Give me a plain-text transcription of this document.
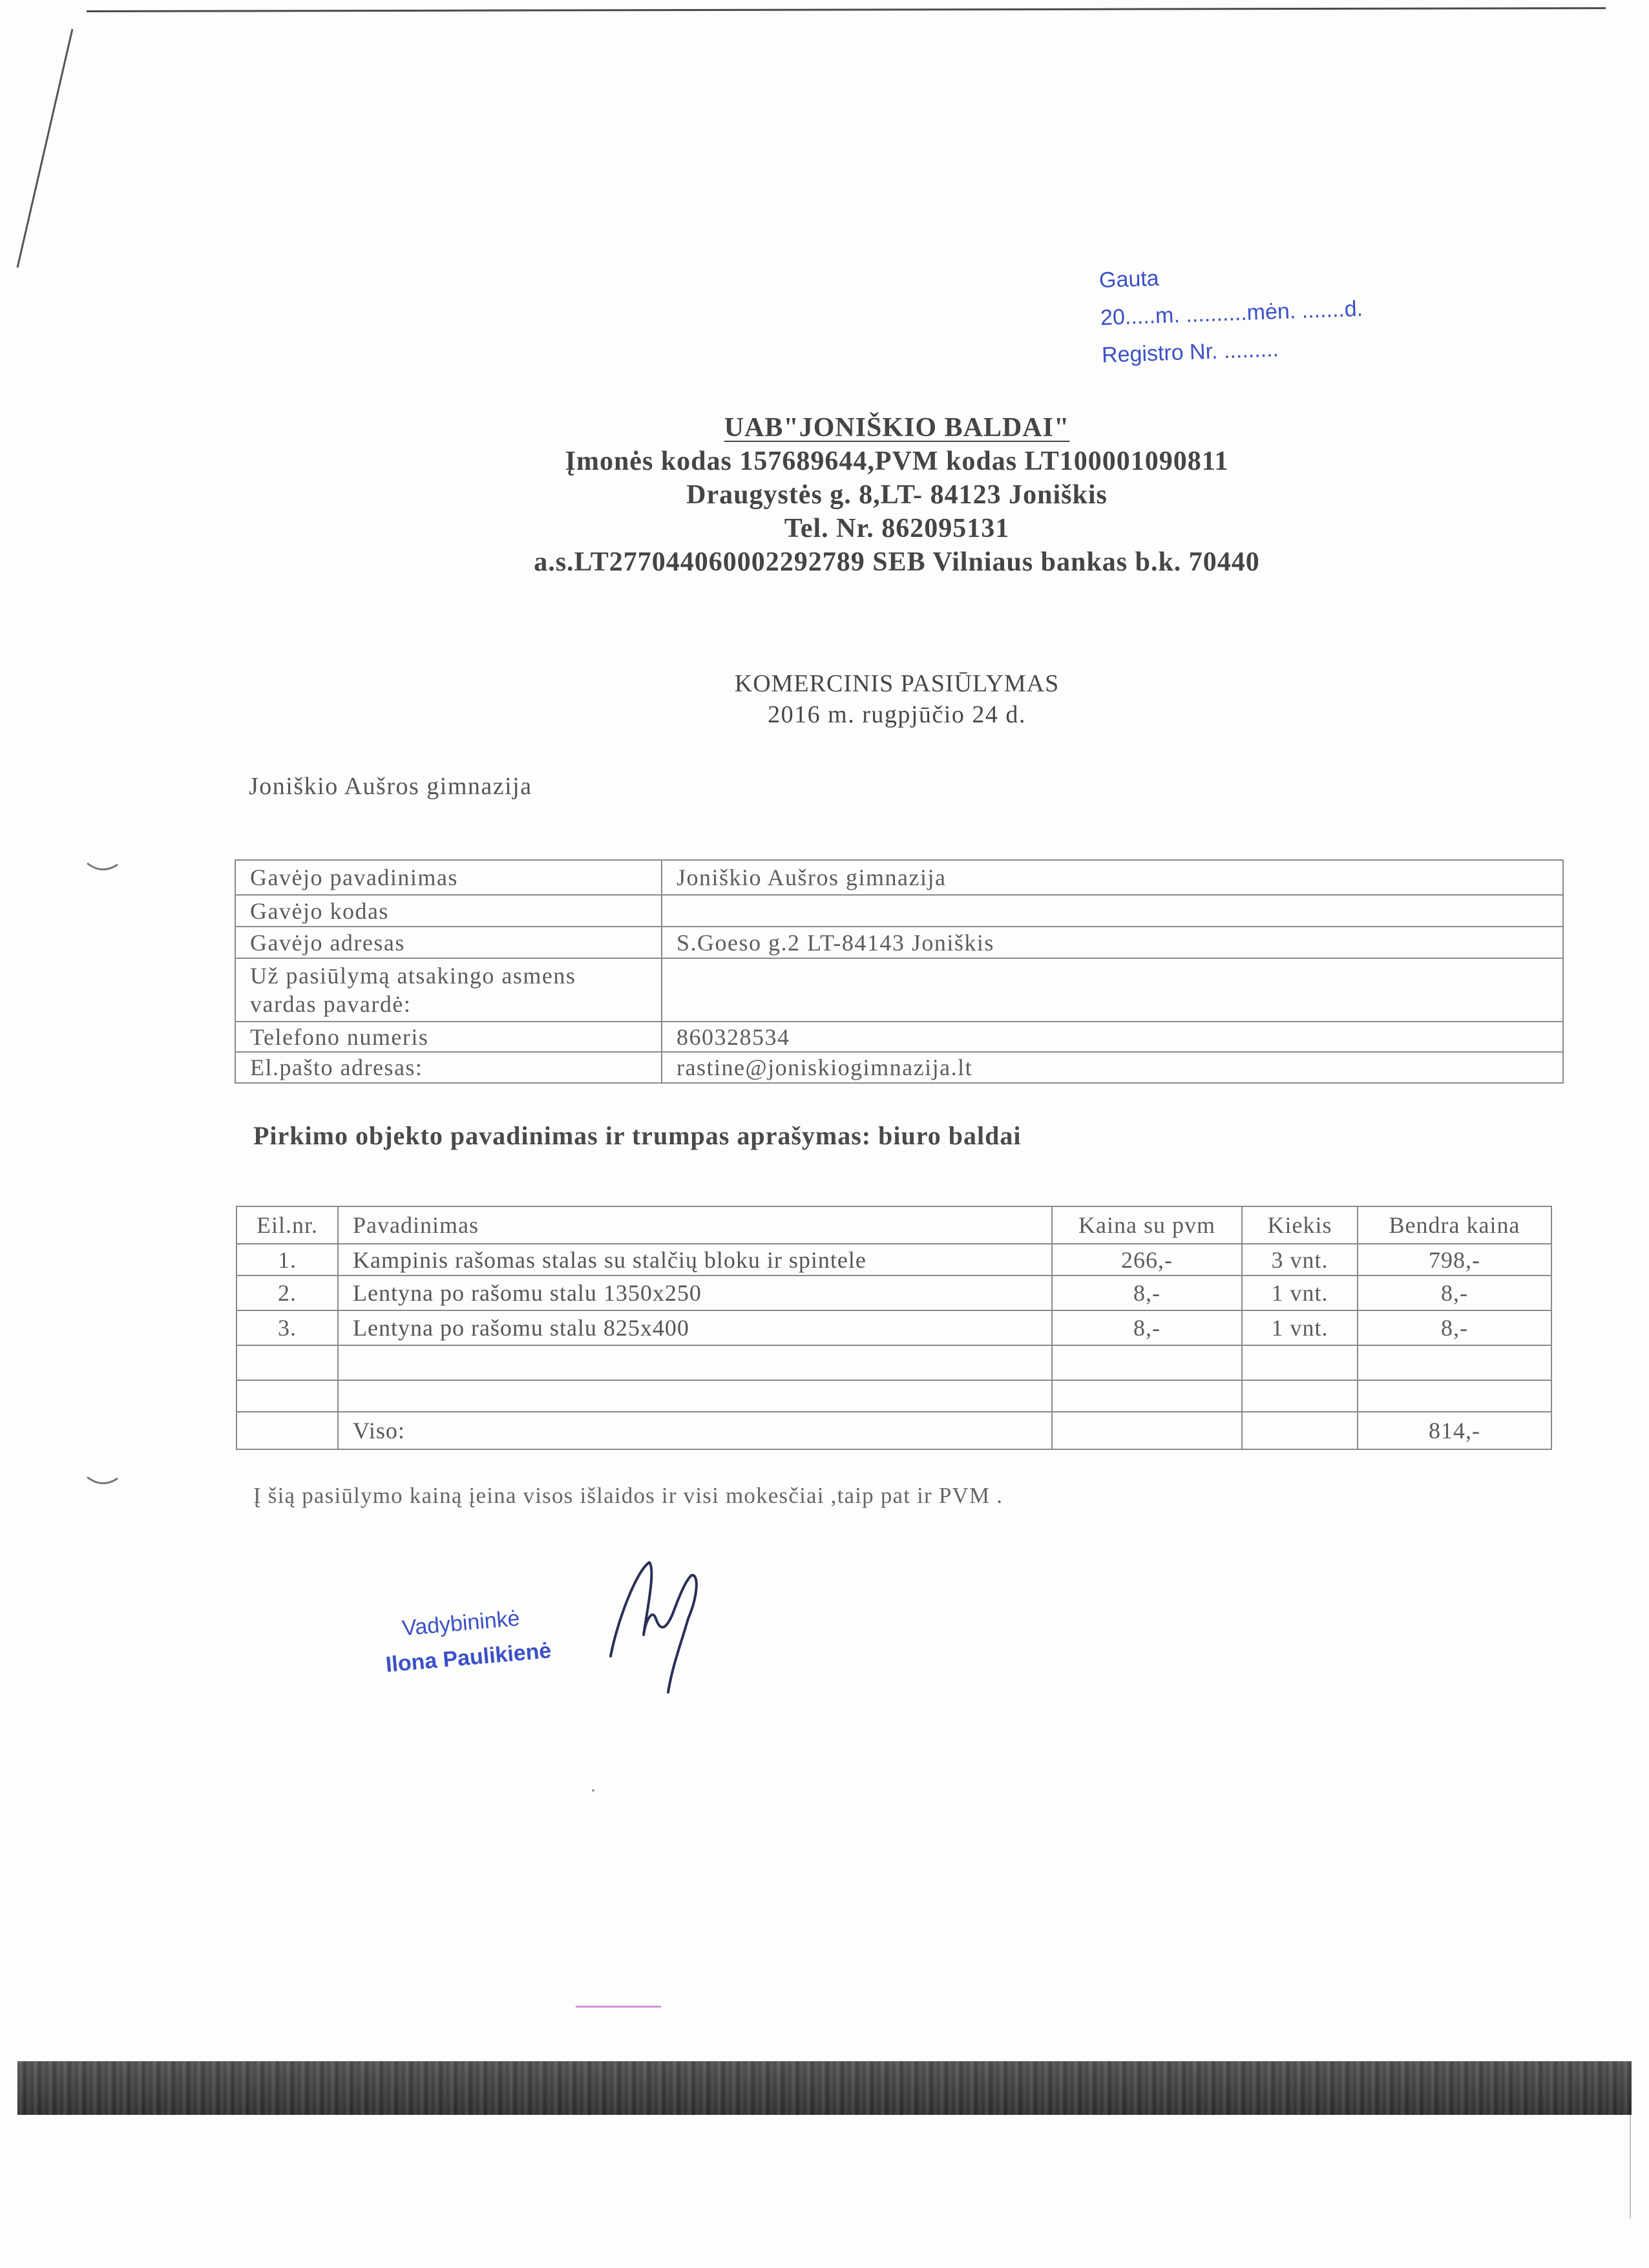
Gauta
20.....m. ..........mėn. .......d.
Registro Nr. .........
UAB"JONIŠKIO BALDAI"
Įmonės kodas 157689644,PVM kodas LT100001090811
Draugystės g. 8,LT- 84123 Joniškis
Tel. Nr. 862095131
a.s.LT277044060002292789 SEB Vilniaus bankas b.k. 70440
KOMERCINIS PASIŪLYMAS
2016 m. rugpjūčio 24 d.
Joniškio Aušros gimnazija
Gavėjo pavadinimas	Joniškio Aušros gimnazija
Gavėjo kodas	
Gavėjo adresas	S.Goeso g.2 LT-84143 Joniškis

Už pasiūlymą atsakingo asmens vardas pavardė:	

Telefono numeris	860328534
El.pašto adresas:	rastine@joniskiogimnazija.lt
Pirkimo objekto pavadinimas ir trumpas aprašymas: biuro baldai
Eil.nr.	Pavadinimas	Kaina su pvm	Kiekis	Bendra kaina
1.	Kampinis rašomas stalas su stalčių bloku ir spintele	266,-	3 vnt.	798,-
2.	Lentyna po rašomu stalu 1350x250	8,-	1 vnt.	8,-
3.	Lentyna po rašomu stalu 825x400	8,-	1 vnt.	8,-

	Viso:			814,-
Į šią pasiūlymo kainą įeina visos išlaidos ir visi mokesčiai ,taip pat ir PVM .
Vadybininkė
Ilona Paulikienė
